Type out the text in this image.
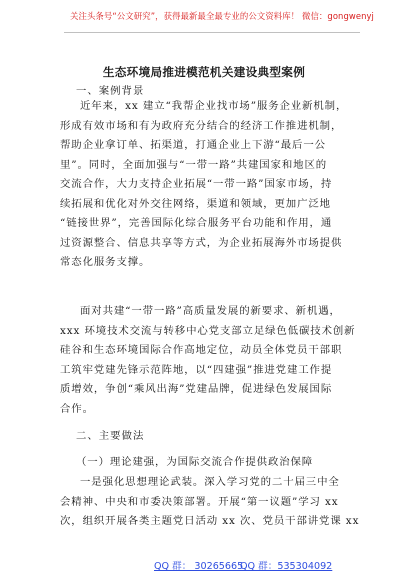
关注头条号“公文研究”，获得最新最全最专业的公文资料库！ 微信：gongwenyj
生态环境局推进模范机关建设典型案例
一、案例背景
近年来，xx 建立“我帮企业找市场”服务企业新机制，
形成有效市场和有为政府充分结合的经济工作推进机制，
帮助企业拿订单、拓渠道，打通企业上下游“最后一公
里”。同时，全面加强与“一带一路”共建国家和地区的
交流合作，大力支持企业拓展“一带一路”国家市场，持
续拓展和优化对外交往网络，渠道和领域，更加广泛地
“链接世界”，完善国际化综合服务平台功能和作用，通
过资源整合、信息共享等方式，为企业拓展海外市场提供
常态化服务支撑。
面对共建“一带一路”高质量发展的新要求、新机遇，
xxx 环境技术交流与转移中心党支部立足绿色低碳技术创新
硅谷和生态环境国际合作高地定位，动员全体党员干部职
工筑牢党建先锋示范阵地，以“四建强”推进党建工作提
质增效，争创“乘风出海”党建品牌，促进绿色发展国际
合作。
二、主要做法
（一）理论建强，为国际交流合作提供政治保障
一是强化思想理论武装。深入学习党的二十届三中全
会精神、中央和市委决策部署。开展“第一议题”学习 xx
次，组织开展各类主题党日活动 xx 次、党员干部讲党课 xx
QQ 群： 30265665
QQ 群：535304092
